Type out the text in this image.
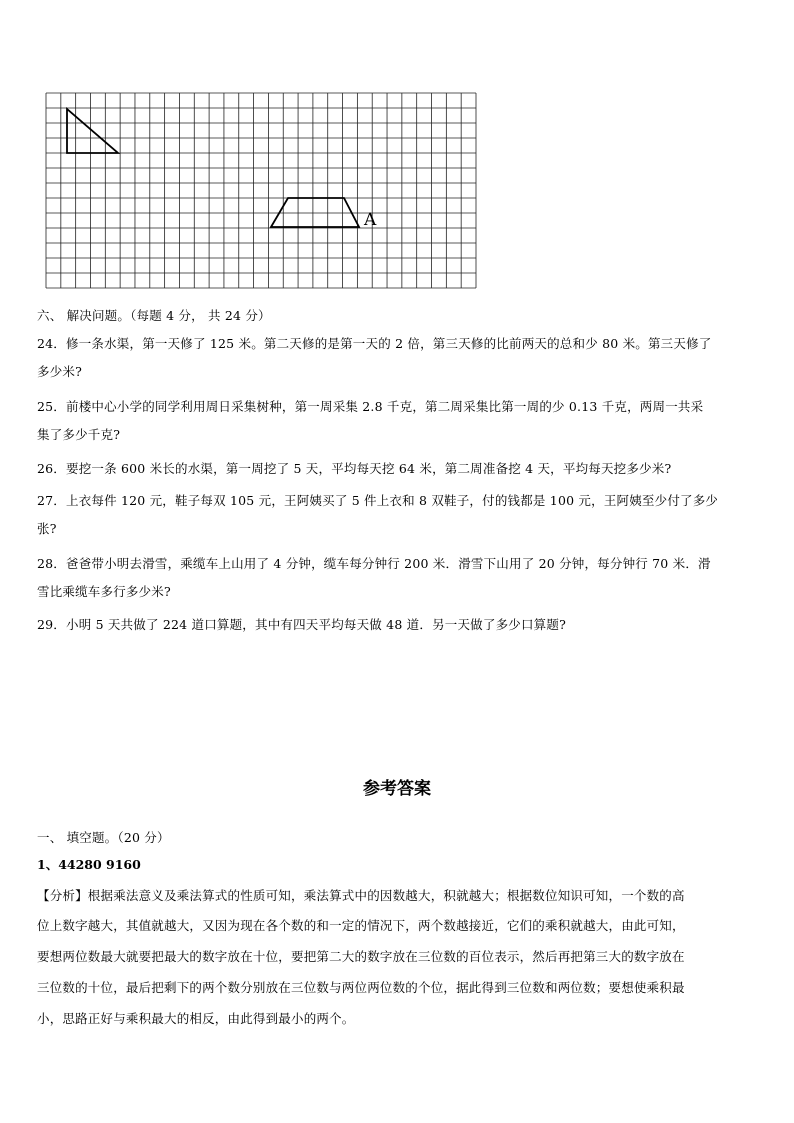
A
六、 解决问题。（每题 4 分， 共 24 分）
24．修一条水渠，第一天修了 125 米。第二天修的是第一天的 2 倍，第三天修的比前两天的总和少 80 米。第三天修了
多少米?
25．前楼中心小学的同学利用周日采集树种，第一周采集 2.8 千克，第二周采集比第一周的少 0.13 千克，两周一共采
集了多少千克?
26．要挖一条 600 米长的水渠，第一周挖了 5 天，平均每天挖 64 米，第二周准备挖 4 天，平均每天挖多少米?
27．上衣每件 120 元，鞋子每双 105 元，王阿姨买了 5 件上衣和 8 双鞋子，付的钱都是 100 元，王阿姨至少付了多少
张?
28．爸爸带小明去滑雪，乘缆车上山用了 4 分钟，缆车每分钟行 200 米．滑雪下山用了 20 分钟，每分钟行 70 米．滑
雪比乘缆车多行多少米?
29．小明 5 天共做了 224 道口算题，其中有四天平均每天做 48 道．另一天做了多少口算题?
参考答案
一、 填空题。（20 分）
1、44280 9160
【分析】根据乘法意义及乘法算式的性质可知，乘法算式中的因数越大，积就越大；根据数位知识可知，一个数的高
位上数字越大，其值就越大，又因为现在各个数的和一定的情况下，两个数越接近，它们的乘积就越大，由此可知，
要想两位数最大就要把最大的数字放在十位，要把第二大的数字放在三位数的百位表示，然后再把第三大的数字放在
三位数的十位，最后把剩下的两个数分别放在三位数与两位两位数的个位，据此得到三位数和两位数；要想使乘积最
小，思路正好与乘积最大的相反，由此得到最小的两个。
